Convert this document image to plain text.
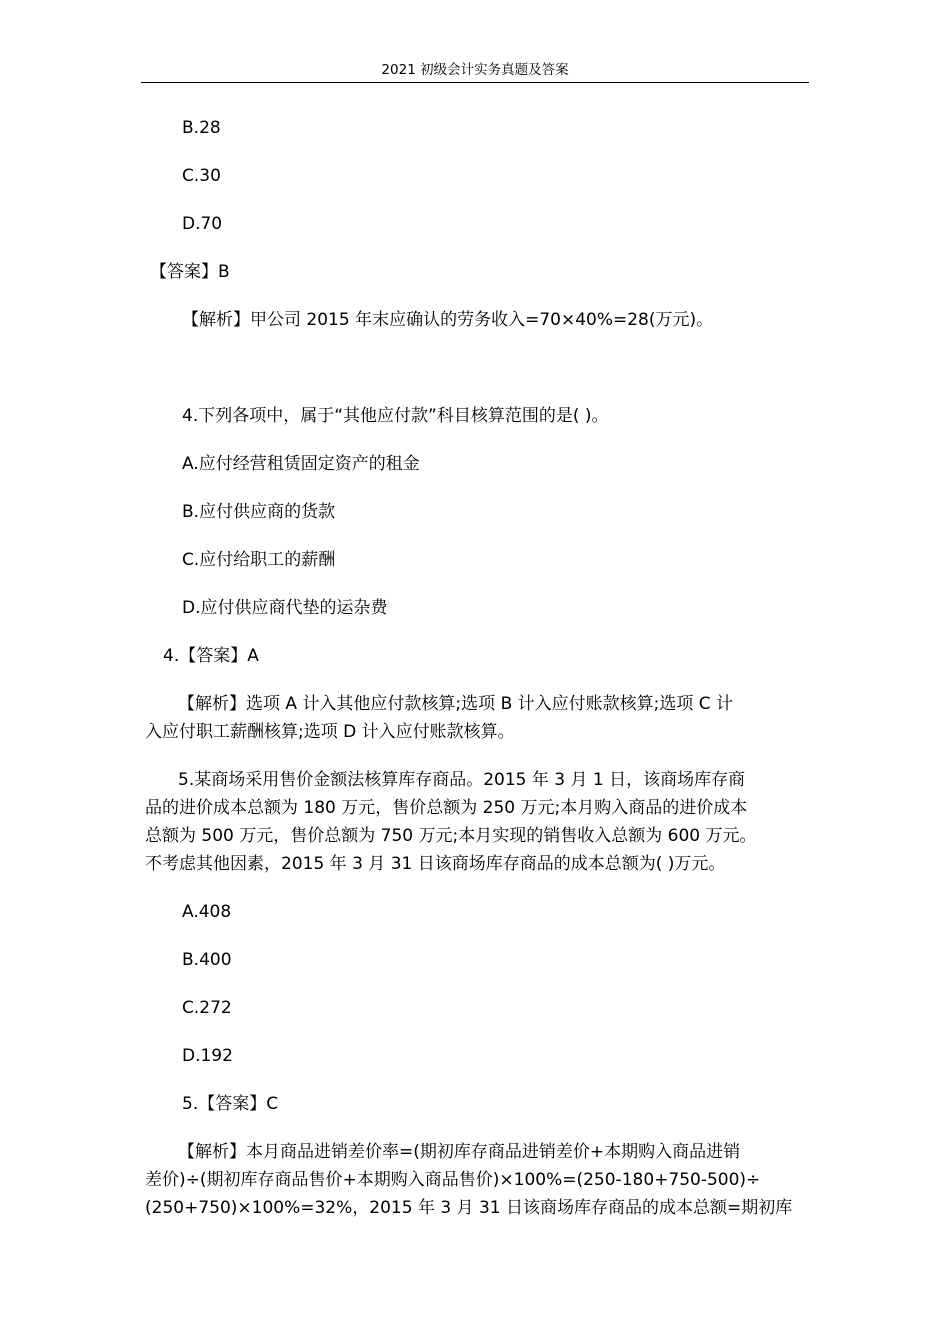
2021 初级会计实务真题及答案
B.28
C.30
D.70
【答案】B
【解析】甲公司 2015 年末应确认的劳务收入=70×40%=28(万元)。
4.下列各项中，属于“其他应付款”科目核算范围的是( )。
A.应付经营租赁固定资产的租金
B.应付供应商的货款
C.应付给职工的薪酬
D.应付供应商代垫的运杂费
4.【答案】A
【解析】选项 A 计入其他应付款核算;选项 B 计入应付账款核算;选项 C 计
入应付职工薪酬核算;选项 D 计入应付账款核算。
5.某商场采用售价金额法核算库存商品。2015 年 3 月 1 日，该商场库存商
品的进价成本总额为 180 万元，售价总额为 250 万元;本月购入商品的进价成本
总额为 500 万元，售价总额为 750 万元;本月实现的销售收入总额为 600 万元。
不考虑其他因素，2015 年 3 月 31 日该商场库存商品的成本总额为( )万元。
A.408
B.400
C.272
D.192
5.【答案】C
【解析】本月商品进销差价率=(期初库存商品进销差价+本期购入商品进销
差价)÷(期初库存商品售价+本期购入商品售价)×100%=(250-180+750-500)÷
(250+750)×100%=32%，2015 年 3 月 31 日该商场库存商品的成本总额=期初库
